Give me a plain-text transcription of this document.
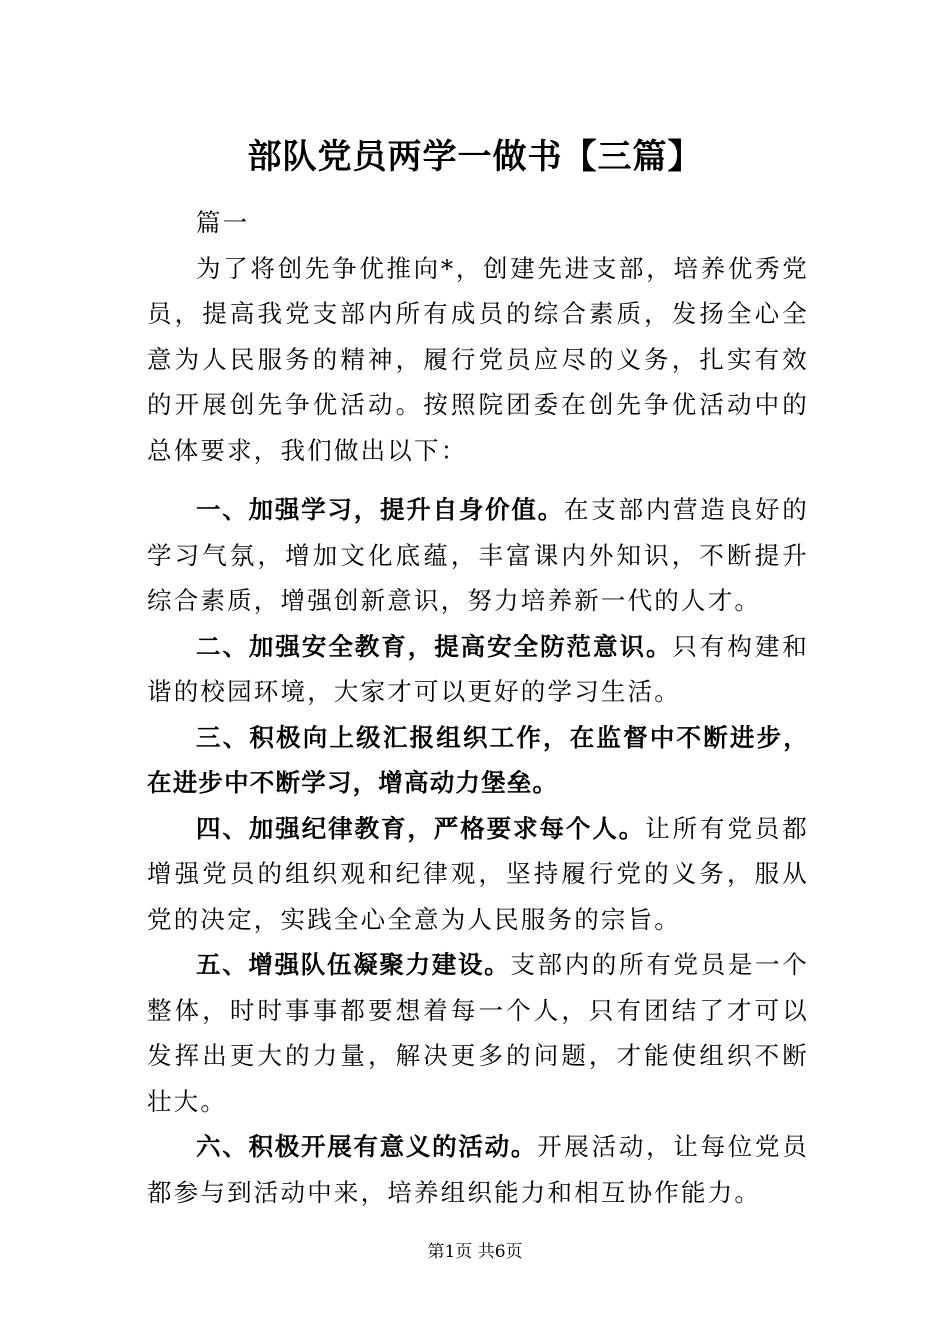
部队党员两学一做书【三篇】

篇一

为了将创先争优推向*，创建先进支部，培养优秀党员，提高我党支部内所有成员的综合素质，发扬全心全意为人民服务的精神，履行党员应尽的义务，扎实有效的开展创先争优活动。按照院团委在创先争优活动中的总体要求，我们做出以下：

一、加强学习，提升自身价值。在支部内营造良好的学习气氛，增加文化底蕴，丰富课内外知识，不断提升综合素质，增强创新意识，努力培养新一代的人才。

二、加强安全教育，提高安全防范意识。只有构建和谐的校园环境，大家才可以更好的学习生活。

三、积极向上级汇报组织工作，在监督中不断进步，在进步中不断学习，增高动力堡垒。

四、加强纪律教育，严格要求每个人。让所有党员都增强党员的组织观和纪律观，坚持履行党的义务，服从党的决定，实践全心全意为人民服务的宗旨。

五、增强队伍凝聚力建设。支部内的所有党员是一个整体，时时事事都要想着每一个人，只有团结了才可以发挥出更大的力量，解决更多的问题，才能使组织不断壮大。

六、积极开展有意义的活动。开展活动，让每位党员都参与到活动中来，培养组织能力和相互协作能力。

第1页 共6页
